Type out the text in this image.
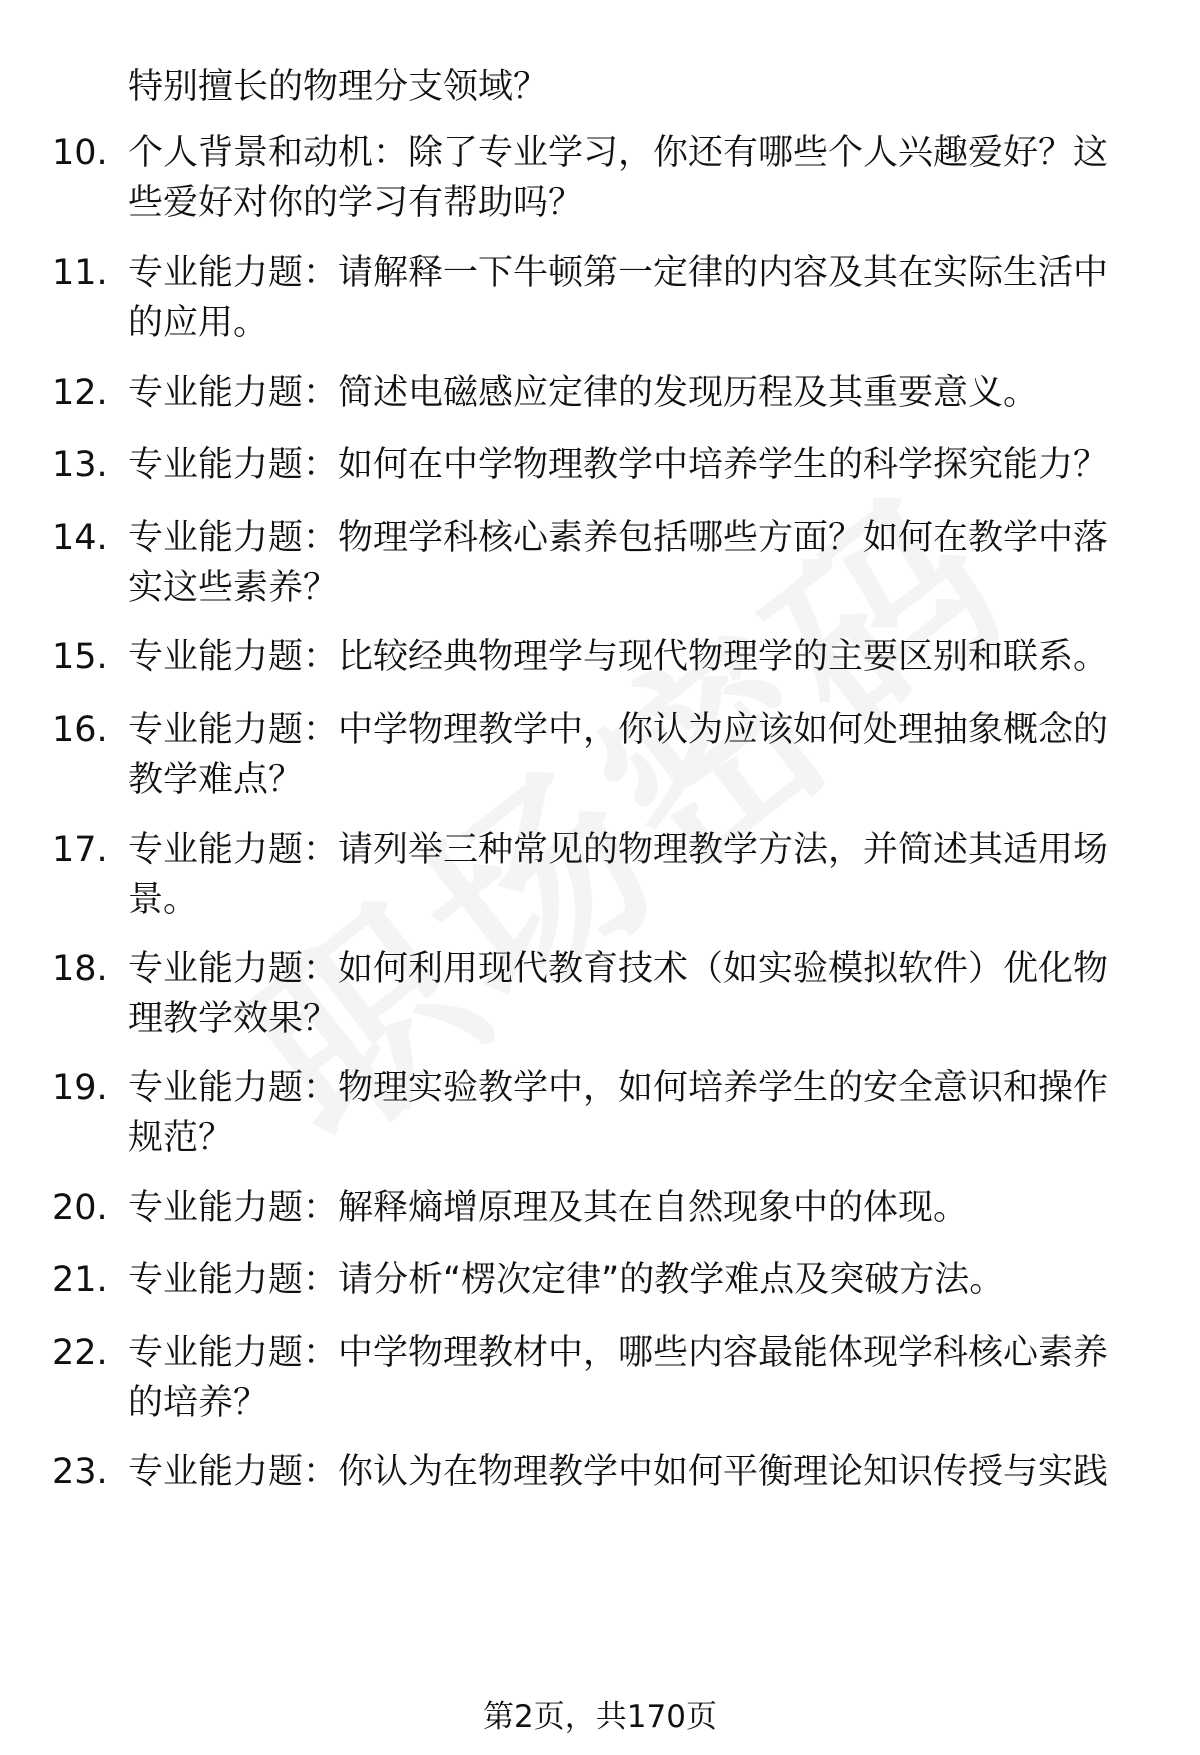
特别擅长的物理分支领域？
10. 个人背景和动机：除了专业学习，你还有哪些个人兴趣爱好？这些爱好对你的学习有帮助吗？
11. 专业能力题：请解释一下牛顿第一定律的内容及其在实际生活中的应用。
12. 专业能力题：简述电磁感应定律的发现历程及其重要意义。
13. 专业能力题：如何在中学物理教学中培养学生的科学探究能力？
14. 专业能力题：物理学科核心素养包括哪些方面？如何在教学中落实这些素养？
15. 专业能力题：比较经典物理学与现代物理学的主要区别和联系。
16. 专业能力题：中学物理教学中，你认为应该如何处理抽象概念的教学难点？
17. 专业能力题：请列举三种常见的物理教学方法，并简述其适用场景。
18. 专业能力题：如何利用现代教育技术（如实验模拟软件）优化物理教学效果？
19. 专业能力题：物理实验教学中，如何培养学生的安全意识和操作规范？
20. 专业能力题：解释熵增原理及其在自然现象中的体现。
21. 专业能力题：请分析“楞次定律”的教学难点及突破方法。
22. 专业能力题：中学物理教材中，哪些内容最能体现学科核心素养的培养？
23. 专业能力题：你认为在物理教学中如何平衡理论知识传授与实践
第2页，共170页
